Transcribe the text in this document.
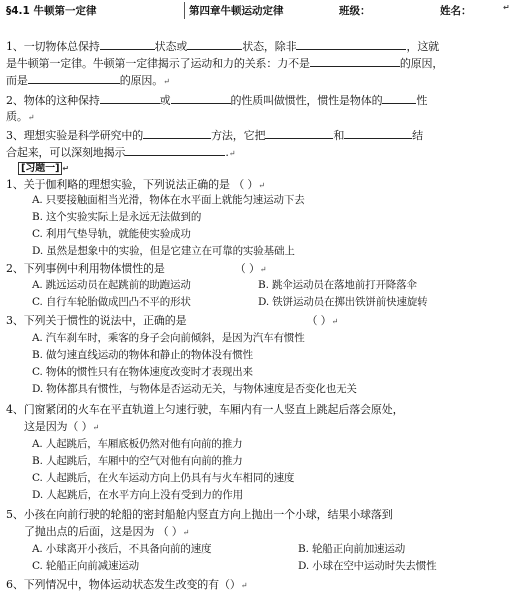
§4.1 牛顿第一定律	第四章牛顿运动定律	班级：	姓名：	↵
1、一切物体总保持	状态或	状态，除非	，这就
是牛顿第一定律。牛顿第一定律揭示了运动和力的关系：力不是	的原因，
而是	的原因。↵
2、物体的这种保持	或	的性质叫做惯性，惯性是物体的	性
质。↵
3、理想实验是科学研究中的	方法，它把	和	结
合起来，可以深刻地揭示	.↵
[习题一] ↵
1、关于伽利略的理想实验，下列说法正确的是 （ ）↵
A. 只要接触面相当光滑，物体在水平面上就能匀速运动下去
B. 这个实验实际上是永远无法做到的
C. 利用气垫导轨，就能使实验成功
D. 虽然是想象中的实验，但是它建立在可靠的实验基础上
2、下列事例中利用物体惯性的是	（ ）↵
A. 跳远运动员在起跳前的助跑运动	B. 跳伞运动员在落地前打开降落伞
C. 自行车轮胎做成凹凸不平的形状	D. 铁饼运动员在掷出铁饼前快速旋转
3、下列关于惯性的说法中，正确的是	（ ）↵
A. 汽车刹车时，乘客的身子会向前倾斜，是因为汽车有惯性
B. 做匀速直线运动的物体和静止的物体没有惯性
C. 物体的惯性只有在物体速度改变时才表现出来
D. 物体都具有惯性，与物体是否运动无关，与物体速度是否变化也无关
4、门窗紧闭的火车在平直轨道上匀速行驶，车厢内有一人竖直上跳起后落会原处，
这是因为（ ）↵
A. 人起跳后，车厢底板仍然对他有向前的推力
B. 人起跳后，车厢中的空气对他有向前的推力
C. 人起跳后，在火车运动方向上仍具有与火车相同的速度
D. 人起跳后，在水平方向上没有受到力的作用
5、小孩在向前行驶的轮船的密封船舱内竖直方向上抛出一个小球，结果小球落到
了抛出点的后面，这是因为 （ ）↵
A. 小球离开小孩后，不具备向前的速度	B. 轮船正向前加速运动
C. 轮船正向前减速运动	D. 小球在空中运动时失去惯性
6、下列情况中，物体运动状态发生改变的有（）↵
